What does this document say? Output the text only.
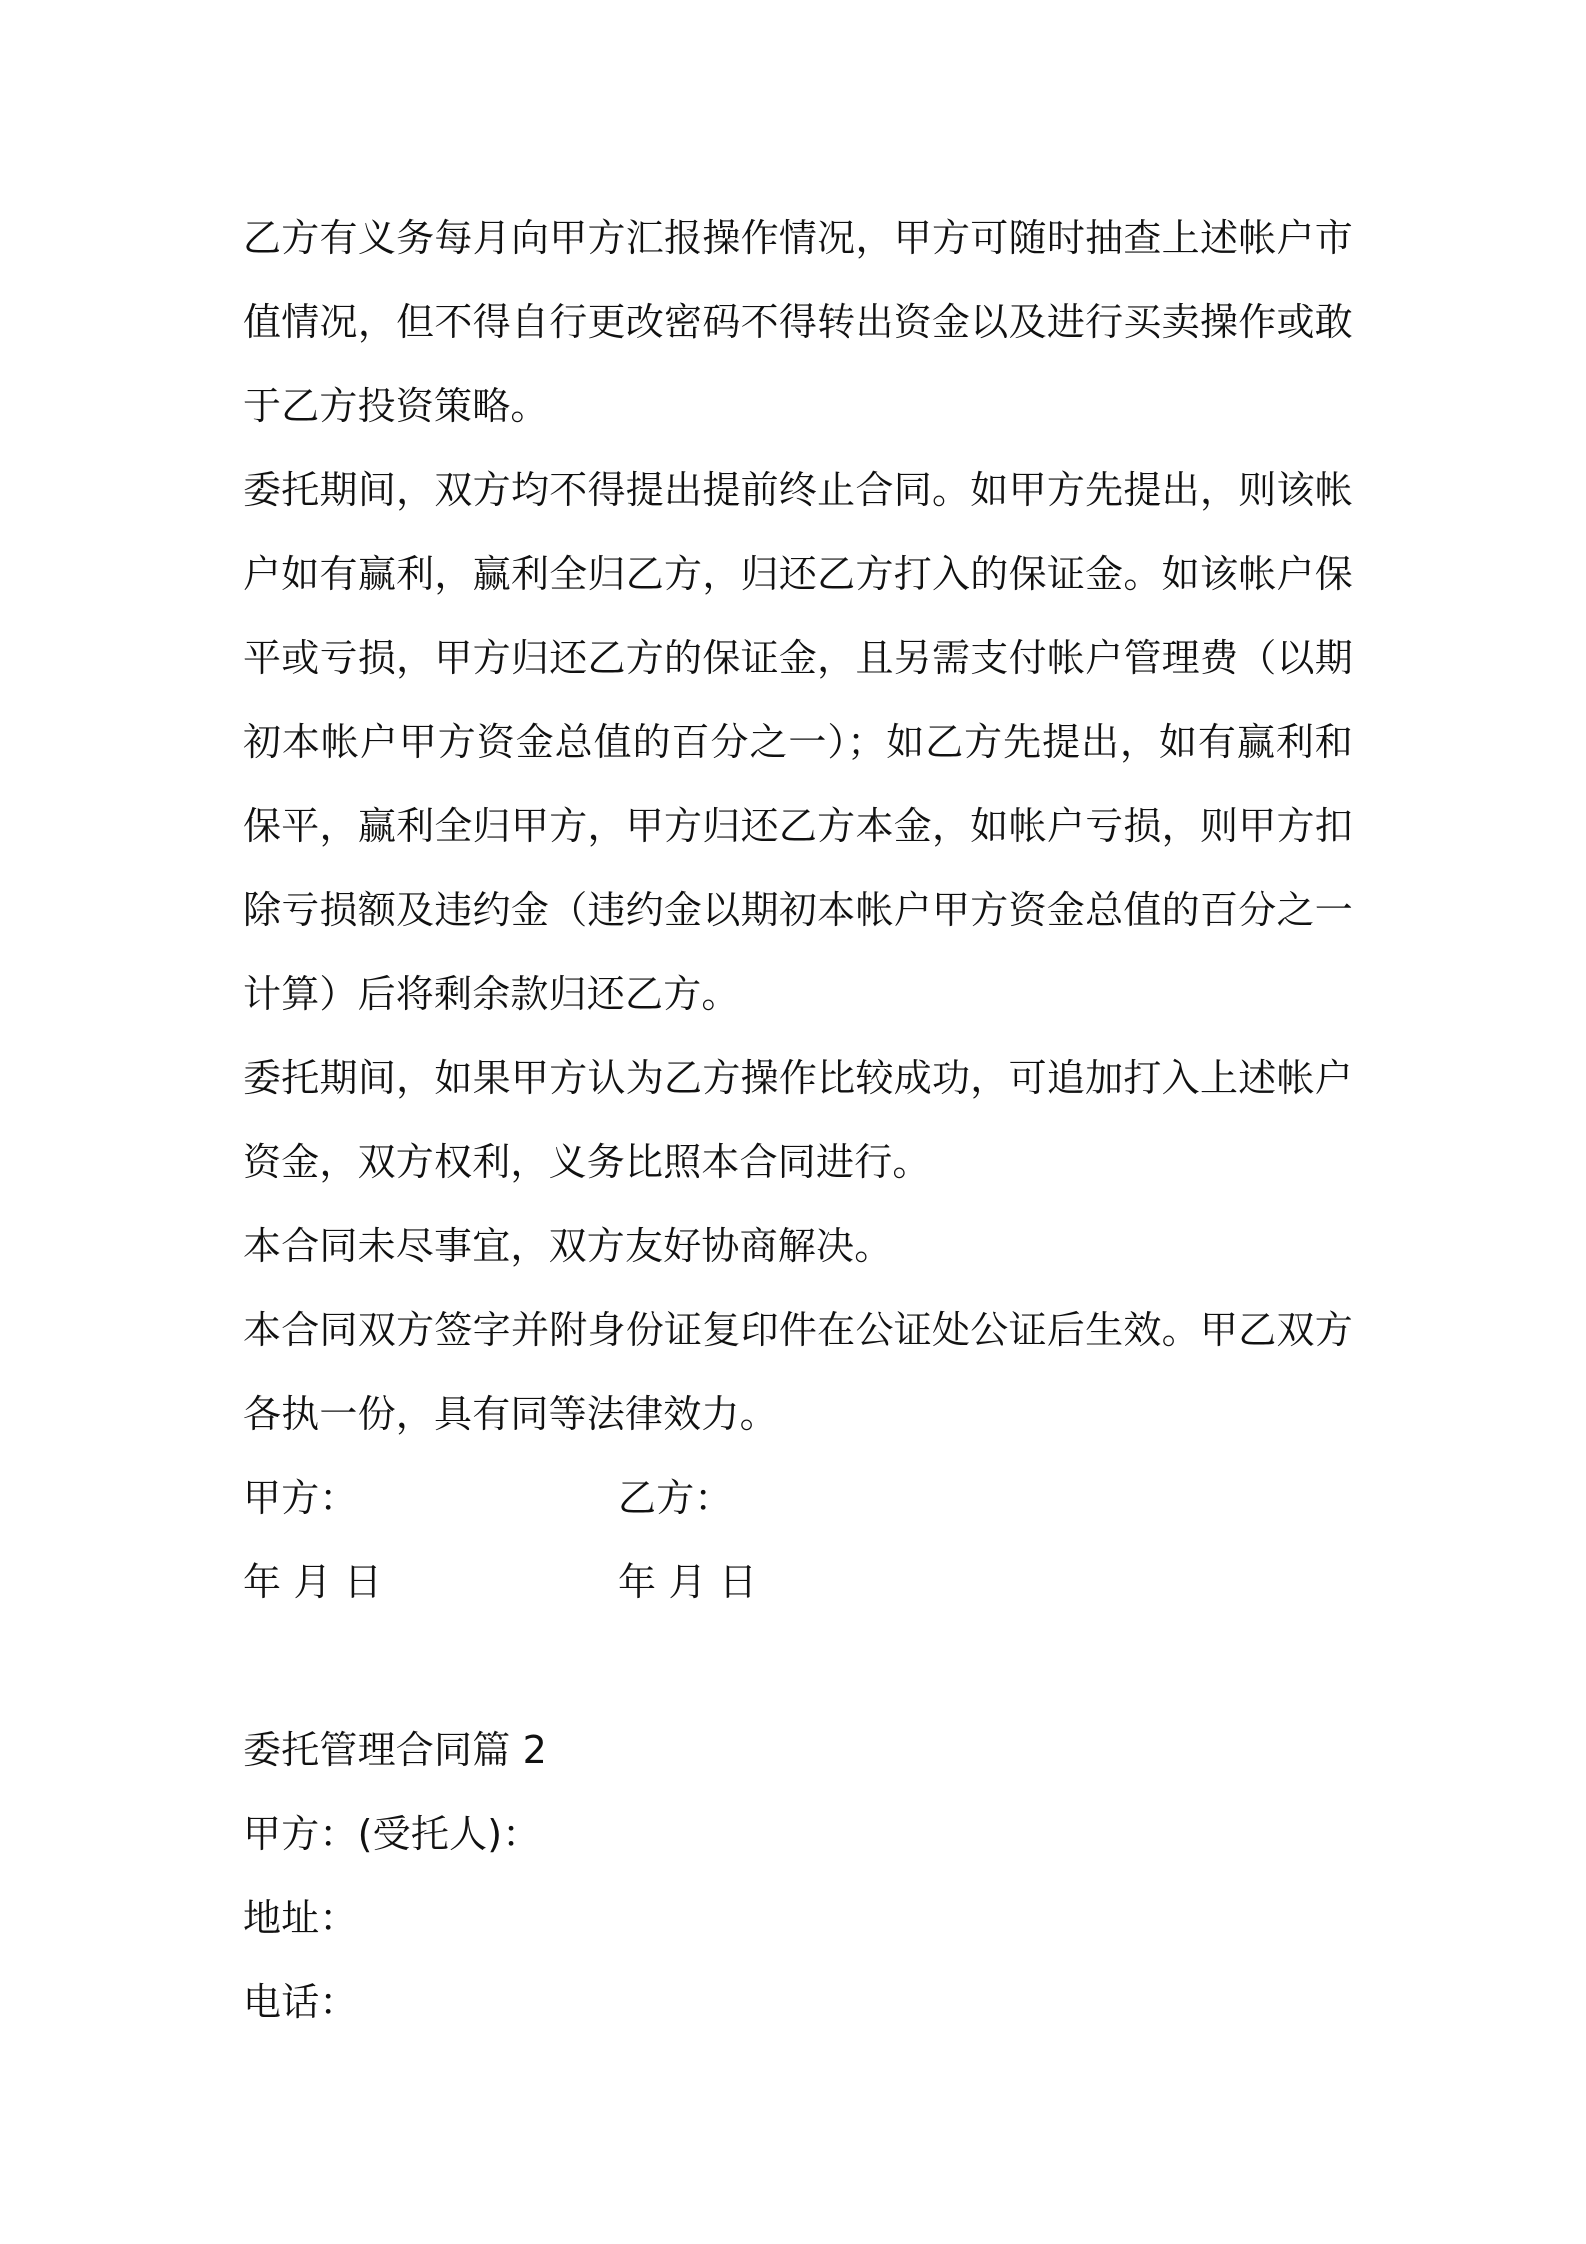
乙方有义务每月向甲方汇报操作情况，甲方可随时抽查上述帐户市值情况，但不得自行更改密码不得转出资金以及进行买卖操作或敢于乙方投资策略。

委托期间，双方均不得提出提前终止合同。如甲方先提出，则该帐户如有赢利，赢利全归乙方，归还乙方打入的保证金。如该帐户保平或亏损，甲方归还乙方的保证金，且另需支付帐户管理费（以期初本帐户甲方资金总值的百分之一）；如乙方先提出，如有赢利和保平，赢利全归甲方，甲方归还乙方本金，如帐户亏损，则甲方扣除亏损额及违约金（违约金以期初本帐户甲方资金总值的百分之一计算）后将剩余款归还乙方。

委托期间，如果甲方认为乙方操作比较成功，可追加打入上述帐户资金，双方权利，义务比照本合同进行。

本合同未尽事宜，双方友好协商解决。

本合同双方签字并附身份证复印件在公证处公证后生效。甲乙双方各执一份，具有同等法律效力。

甲方：	乙方：
年 月 日	年 月 日

委托管理合同篇 2

甲方：(受托人)：

地址：

电话：
